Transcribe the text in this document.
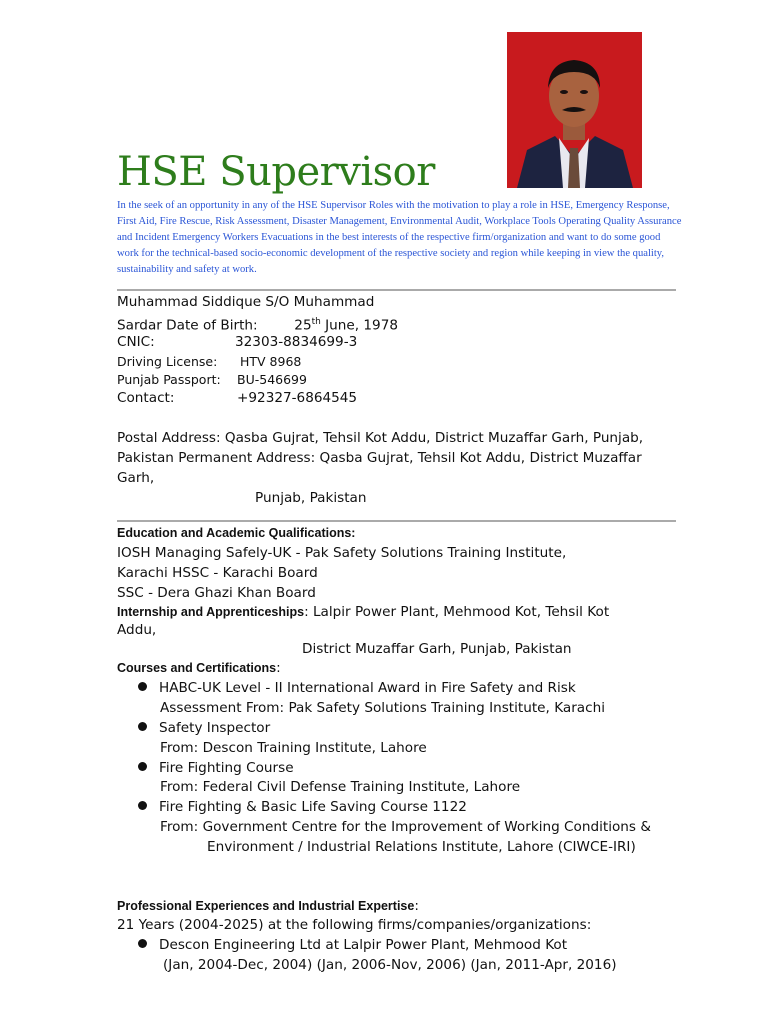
HSE Supervisor
In the seek of an opportunity in any of the HSE Supervisor Roles with the motivation to play a role in HSE, Emergency Response, First Aid, Fire Rescue, Risk Assessment, Disaster Management, Environmental Audit, Workplace Tools Operating Quality Assurance and Incident Emergency Workers Evacuations in the best interests of the respective firm/organization and want to do some good work for the technical-based socio-economic development of the respective society and region while keeping in view the quality, sustainability and safety at work.
Muhammad Siddique S/O Muhammad
Sardar Date of Birth:	25th June, 1978
CNIC:	32303-8834699-3
Driving License: HTV 8968
Punjab Passport: BU-546699
Contact:	+92327-6864545
Postal Address: Qasba Gujrat, Tehsil Kot Addu, District Muzaffar Garh, Punjab,
Pakistan Permanent Address: Qasba Gujrat, Tehsil Kot Addu, District Muzaffar
Garh,
Punjab, Pakistan
Education and Academic Qualifications:
IOSH Managing Safely-UK - Pak Safety Solutions Training Institute,
Karachi HSSC - Karachi Board
SSC - Dera Ghazi Khan Board
Internship and Apprenticeships: Lalpir Power Plant, Mehmood Kot, Tehsil Kot
Addu,
District Muzaffar Garh, Punjab, Pakistan
Courses and Certifications:
HABC-UK Level - II International Award in Fire Safety and Risk
Assessment From: Pak Safety Solutions Training Institute, Karachi
Safety Inspector
From: Descon Training Institute, Lahore
Fire Fighting Course
From: Federal Civil Defense Training Institute, Lahore
Fire Fighting & Basic Life Saving Course 1122
From: Government Centre for the Improvement of Working Conditions &
Environment / Industrial Relations Institute, Lahore (CIWCE-IRI)
Professional Experiences and Industrial Expertise:
21 Years (2004-2025) at the following firms/companies/organizations:
Descon Engineering Ltd at Lalpir Power Plant, Mehmood Kot
(Jan, 2004-Dec, 2004) (Jan, 2006-Nov, 2006) (Jan, 2011-Apr, 2016)
